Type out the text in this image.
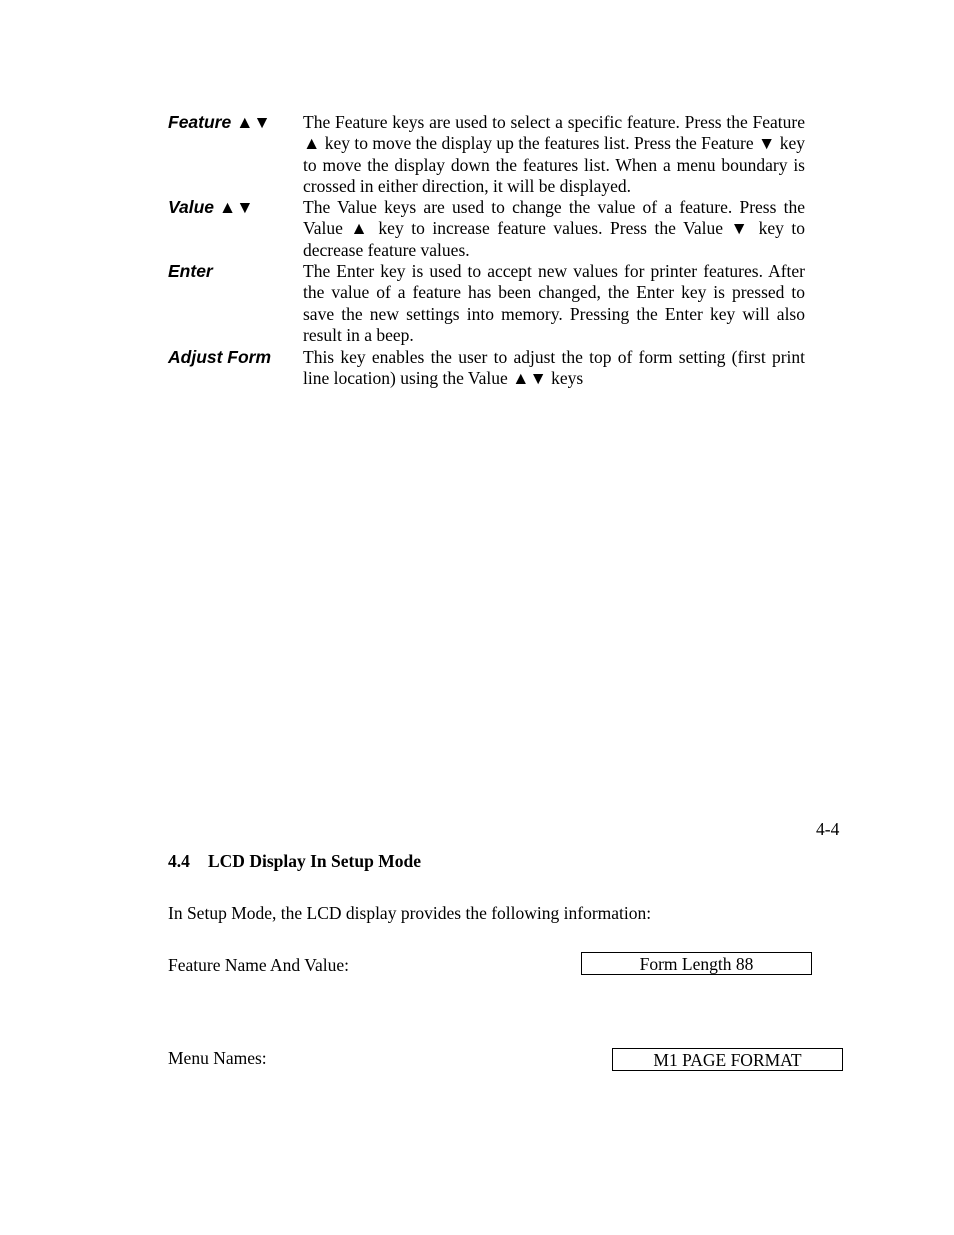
Feature ▲▼	The Feature keys are used to select a specific feature. Press the Feature ▲ key to move the display up the features list. Press the Feature ▼ key to move the display down the features list. When a menu boundary is crossed in either direction, it will be displayed.
Value ▲▼	The Value keys are used to change the value of a feature. Press the Value ▲ key to increase feature values. Press the Value ▼ key to decrease feature values.
Enter	The Enter key is used to accept new values for printer features. After the value of a feature has been changed, the Enter key is pressed to save the new settings into memory. Pressing the Enter key will also result in a beep.
Adjust Form	This key enables the user to adjust the top of form setting (first print line location) using the Value ▲▼ keys
4-4
4.4 LCD Display In Setup Mode
In Setup Mode, the LCD display provides the following information:
Feature Name And Value:	Form Length 88
Menu Names:	M1 PAGE FORMAT
